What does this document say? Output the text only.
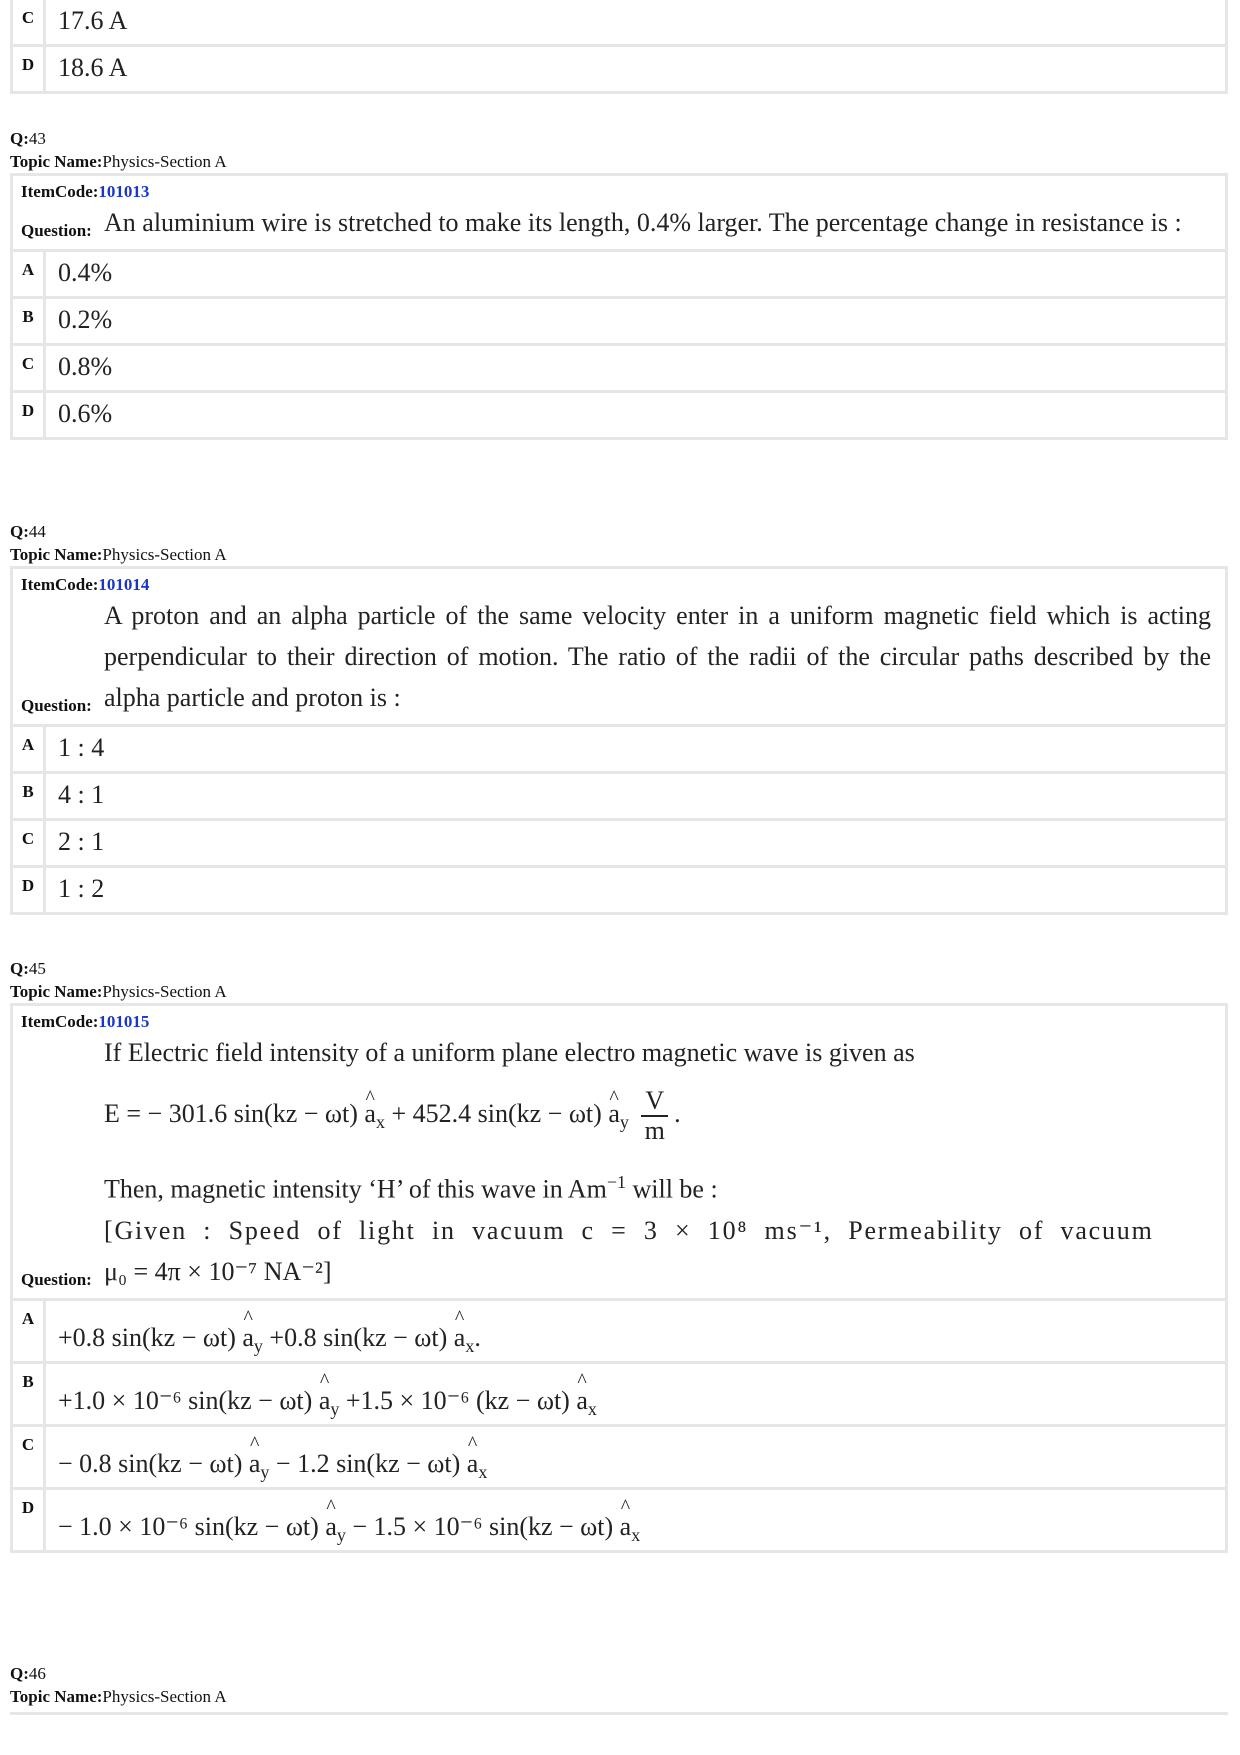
C 17.6 A
D 18.6 A
Q:43
Topic Name:Physics-Section A
ItemCode:101013
Question: An aluminium wire is stretched to make its length, 0.4% larger. The percentage change in resistance is :
A 0.4%
B 0.2%
C 0.8%
D 0.6%
Q:44
Topic Name:Physics-Section A
ItemCode:101014
Question:
A proton and an alpha particle of the same velocity enter in a uniform magnetic field which is acting perpendicular to their direction of motion. The ratio of the radii of the circular paths described by the alpha particle and proton is :
A 1 : 4
B 4 : 1
C 2 : 1
D 1 : 2
Q:45
Topic Name:Physics-Section A
ItemCode:101015
Question:

If Electric field intensity of a uniform plane electro magnetic wave is given as

E = − 301.6 sin(kz − ωt) ^ $a_x + 452.4$ sin(kz − ωt) ^ $a_y \frac{V}{m}$ .

Then, magnetic intensity ‘H’ of this wave in $Am^{-1}$ will be :

[Given : Speed of light in vacuum c = 3 × 10⁸ ms⁻¹, Permeability of vacuum

μ₀ = 4π × 10⁻⁷ NA⁻²]

A
+0.8 sin(kz − ωt) ^ $a_y +0.8$ sin(kz − ωt) ^ $a_x$.
B
+1.0 × 10⁻⁶ sin(kz − ωt) ^ $a_y +1.5 \times 10^{-6}$ (kz − ωt) ^ $a_x$
C
− 0.8 sin(kz − ωt) ^ $a_y - 1.2$ sin(kz − ωt) ^ $a_x$
D
− 1.0 × 10⁻⁶ sin(kz − ωt) ^ $a_y - 1.5 \times 10^{-6}$ sin(kz − ωt) ^ $a_x$
Q:46
Topic Name:Physics-Section A
